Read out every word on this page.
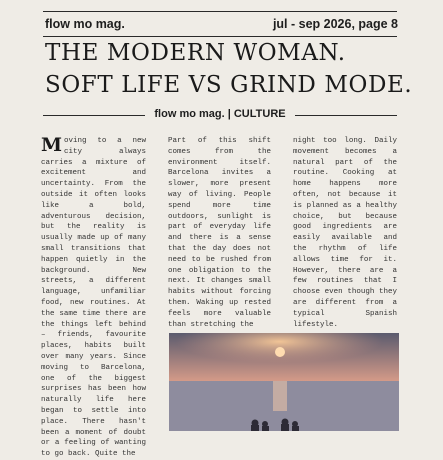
flow mo mag.	jul - sep 2026, page 8
THE MODERN WOMAN.
SOFT LIFE VS GRIND MODE.
flow mo mag. | CULTURE

Moving to a new city always carries a mixture of excitement and uncertainty. From the outside it often looks like a bold, adventurous decision, but the reality is usually made up of many small transitions that happen quietly in the background. New streets, a different language, unfamiliar food, new routines. At the same time there are the things left behind – friends, favourite places, habits built over many years. Since moving to Barcelona, one of the biggest surprises has been how naturally life here began to settle into place. There hasn't been a moment of doubt or a feeling of wanting to go back. Quite the

Part of this shift comes from the environment itself. Barcelona invites a slower, more present way of living. People spend more time outdoors, sunlight is part of everyday life and there is a sense that the day does not need to be rushed from one obligation to the next. It changes small habits without forcing them. Waking up rested feels more valuable than stretching the

night too long. Daily movement becomes a natural part of the routine. Cooking at home happens more often, not because it is planned as a healthy choice, but because good ingredients are easily available and the rhythm of life allows time for it. However, there are a few routines that I choose even though they are different from a typical Spanish lifestyle.
